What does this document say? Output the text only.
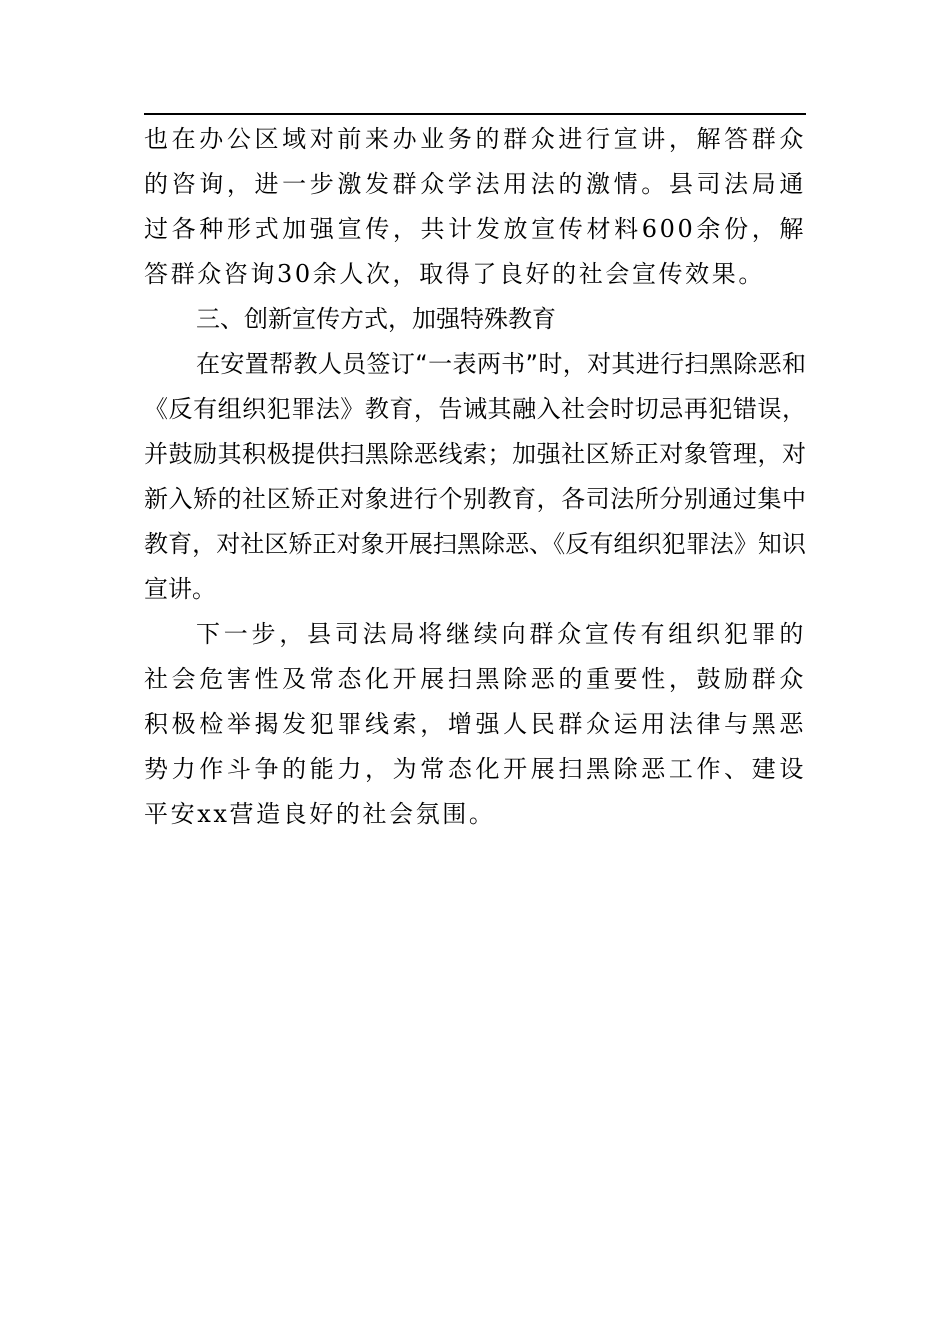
也在办公区域对前来办业务的群众进行宣讲，解答群众的咨询，进一步激发群众学法用法的激情。县司法局通过各种形式加强宣传，共计发放宣传材料600余份，解答群众咨询30余人次，取得了良好的社会宣传效果。

三、创新宣传方式，加强特殊教育

在安置帮教人员签订“一表两书”时，对其进行扫黑除恶和《反有组织犯罪法》教育，告诫其融入社会时切忌再犯错误，并鼓励其积极提供扫黑除恶线索；加强社区矫正对象管理，对新入矫的社区矫正对象进行个别教育，各司法所分别通过集中教育，对社区矫正对象开展扫黑除恶、《反有组织犯罪法》知识宣讲。

下一步，县司法局将继续向群众宣传有组织犯罪的社会危害性及常态化开展扫黑除恶的重要性，鼓励群众积极检举揭发犯罪线索，增强人民群众运用法律与黑恶势力作斗争的能力，为常态化开展扫黑除恶工作、建设平安xx营造良好的社会氛围。
